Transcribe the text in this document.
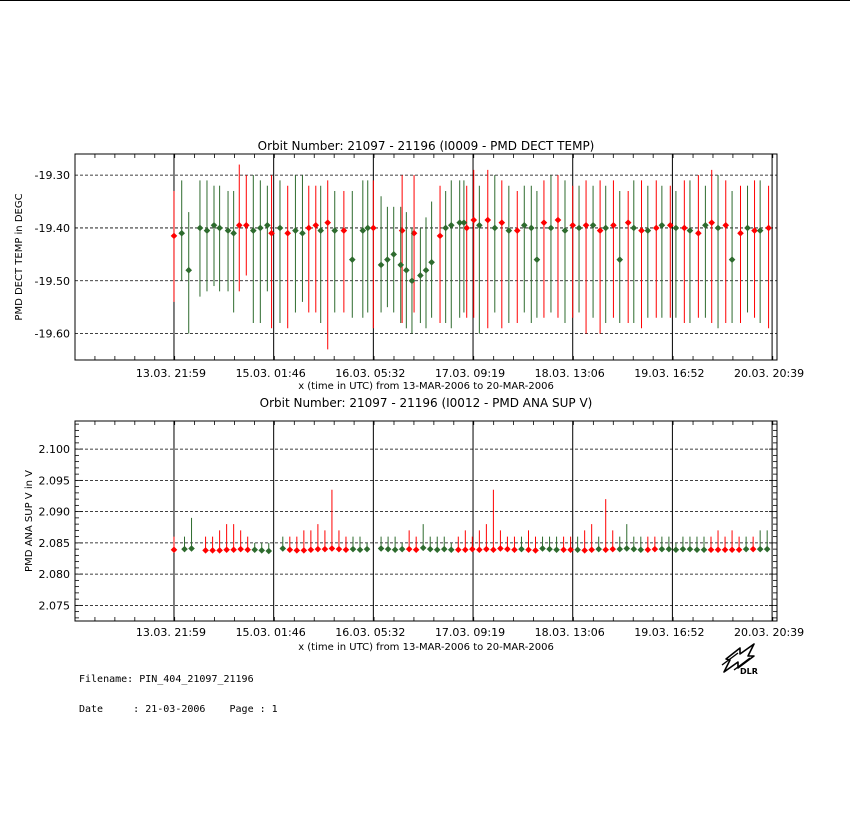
-19.30
-19.40
-19.50
-19.60
13.03. 21:59	15.03. 01:46	16.03. 05:32	17.03. 09:19	18.03. 13:06	19.03. 16:52	20.03. 20:39
Orbit Number: 21097 - 21196 (I0009 - PMD DECT TEMP)
x (time in UTC) from 13-MAR-2006 to 20-MAR-2006
PMD DECT TEMP in DEGC
2.075
2.080
2.085
2.090
2.095
2.100
13.03. 21:59	15.03. 01:46	16.03. 05:32	17.03. 09:19	18.03. 13:06	19.03. 16:52	20.03. 20:39
Orbit Number: 21097 - 21196 (I0012 - PMD ANA SUP V)
x (time in UTC) from 13-MAR-2006 to 20-MAR-2006
PMD ANA SUP V in V

Filename: PIN_404_21097_21196

Date     : 21-03-2006    Page : 1

DLR
